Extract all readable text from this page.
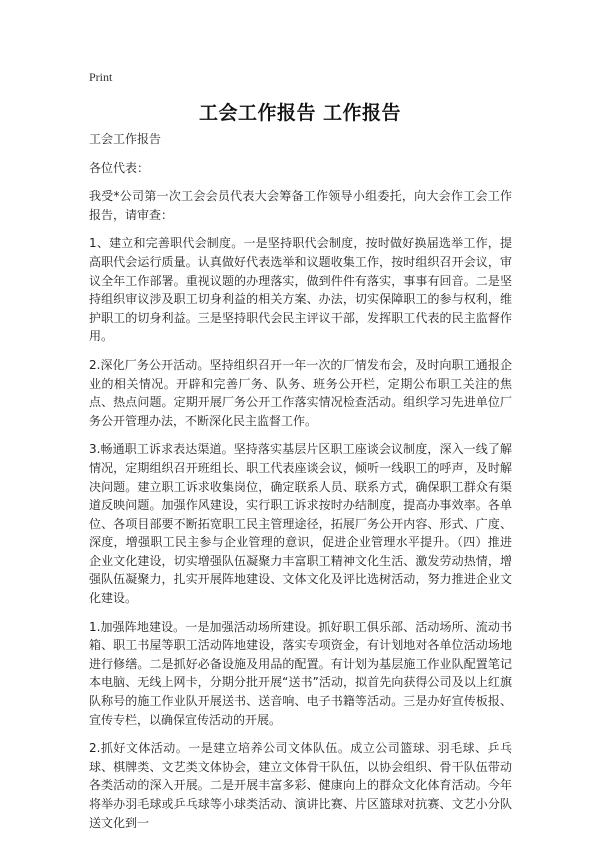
Print
工会工作报告 工作报告

工会工作报告

各位代表：

我受*公司第一次工会会员代表大会筹备工作领导小组委托，向大会作工会工作报告，请审查：

1、建立和完善职代会制度。一是坚持职代会制度，按时做好换届选举工作，提高职代会运行质量。认真做好代表选举和议题收集工作，按时组织召开会议，审议全年工作部署。重视议题的办理落实，做到件件有落实，事事有回音。二是坚持组织审议涉及职工切身利益的相关方案、办法，切实保障职工的参与权利，维护职工的切身利益。三是坚持职代会民主评议干部，发挥职工代表的民主监督作用。

2.深化厂务公开活动。坚持组织召开一年一次的厂情发布会，及时向职工通报企业的相关情况。开辟和完善厂务、队务、班务公开栏，定期公布职工关注的焦点、热点问题。定期开展厂务公开工作落实情况检查活动。组织学习先进单位厂务公开管理办法，不断深化民主监督工作。

3.畅通职工诉求表达渠道。坚持落实基层片区职工座谈会议制度，深入一线了解情况，定期组织召开班组长、职工代表座谈会议，倾听一线职工的呼声，及时解决问题。建立职工诉求收集岗位，确定联系人员、联系方式，确保职工群众有渠道反映问题。加强作风建设，实行职工诉求按时办结制度，提高办事效率。各单位、各项目部要不断拓宽职工民主管理途径，拓展厂务公开内容、形式、广度、深度，增强职工民主参与企业管理的意识，促进企业管理水平提升。（四）推进企业文化建设，切实增强队伍凝聚力丰富职工精神文化生活、激发劳动热情，增强队伍凝聚力，扎实开展阵地建设、文体文化及评比选树活动，努力推进企业文化建设。

1.加强阵地建设。一是加强活动场所建设。抓好职工俱乐部、活动场所、流动书箱、职工书屋等职工活动阵地建设，落实专项资金，有计划地对各单位活动场地进行修缮。二是抓好必备设施及用品的配置。有计划为基层施工作业队配置笔记本电脑、无线上网卡，分期分批开展“送书”活动，拟首先向获得公司及以上红旗队称号的施工作业队开展送书、送音响、电子书籍等活动。三是办好宣传板报、宣传专栏，以确保宣传活动的开展。

2.抓好文体活动。一是建立培养公司文体队伍。成立公司篮球、羽毛球、乒乓球、棋牌类、文艺类文体协会，建立文体骨干队伍，以协会组织、骨干队伍带动各类活动的深入开展。二是开展丰富多彩、健康向上的群众文化体育活动。今年将举办羽毛球或乒乓球等小球类活动、演讲比赛、片区篮球对抗赛、文艺小分队送文化到一
